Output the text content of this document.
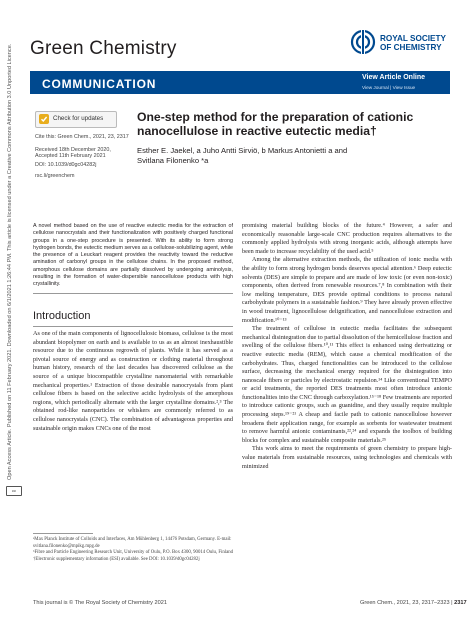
Green Chemistry	ROYAL SOCIETY
OF CHEMISTRY
COMMUNICATION	View Article Online
View Journal | View Issue
Open Access Article. Published on 11 February 2021. Downloaded on 6/1/2021 1:26:44 PM. This article is licensed under a Creative Commons Attribution 3.0 Unported Licence.
cc
Check for updates
Cite this: Green Chem., 2021, 23, 2317
Received 18th December 2020,
Accepted 11th February 2021
DOI: 10.1039/d0gc04282j
rsc.li/greenchem
One-step method for the preparation of cationic nanocellulose in reactive eutectic media†
Esther E. Jaekel, a Juho Antti Sirviö, b Markus Antonietti a and
Svitlana Filonenko *a
A novel method based on the use of reactive eutectic media for the extraction of cellulose nanocrystals and their functionalization with positively charged functional groups in a one-step procedure is presented. With its ability to form strong hydrogen bonds, the eutectic medium serves as a cellulose-solubilizing agent, while the presence of a Leuckart reagent provides the reactivity toward the reductive amination of carbonyl groups in the cellulose chains. In the proposed method, amorphous cellulose domains are partially dissolved by undergoing aminolysis, resulting in the formation of water-dispersible nanocellulose products with high crystallinity.
Introduction

As one of the main components of lignocellulosic biomass, cellulose is the most abundant biopolymer on earth and is available to us as an almost inexhaustible resource due to the continuous regrowth of plants. While it has served as a pivotal source of energy and as construction or clothing material throughout human history, research of the last decades has discovered cellulose as the source of a unique biocompatible crystalline nanomaterial with remarkable mechanical properties.¹ Extraction of those desirable nanocrystals from plant cellulose fibers is based on the selective acidic hydrolysis of the amorphous regions, which periodically alternate with the larger crystalline domains.²,³ The obtained rod-like nanoparticles or whiskers are commonly referred to as cellulose nanocrystals (CNC). The combination of advantageous properties and sustainable origin makes CNCs one of the most

promising material building blocks of the future.⁴ However, a safer and economically reasonable large-scale CNC production requires alternatives to the commonly applied hydrolysis with strong inorganic acids, although attempts have been made to increase recyclability of the used acid.⁵

Among the alternative extraction methods, the utilization of ionic media with the ability to form strong hydrogen bonds deserves special attention.⁶ Deep eutectic solvents (DES) are simple to prepare and are made of low toxic (or even non-toxic) components, often derived from renewable resources.⁷,⁸ In combination with their low melting temperature, DES provide optimal conditions to process natural carbohydrate polymers in a sustainable fashion.⁹ They have already proven effective in wood treatment, lignocellulose delignification, and nanocellulose extraction and modification.¹⁰⁻¹³

The treatment of cellulose in eutectic media facilitates the subsequent mechanical disintegration due to partial dissolution of the hemicellulose fraction and swelling of the cellulose fibers.¹⁰,¹¹ This effect is enhanced using derivatizing or reactive eutectic media (REM), which cause a chemical modification of the carbohydrates. Thus, charged functionalities can be introduced to the cellulose surface, decreasing the mechanical energy required for the disintegration into nanoscale fibers or particles by electrostatic repulsion.¹⁴ Like conventional TEMPO or acid treatments, the reported DES treatments most often introduce anionic functionalities into the CNC through carboxylation.¹⁵⁻¹⁸ Few treatments are reported to introduce cationic groups, such as guanidine, and they usually require multiple processing steps.¹⁹⁻²¹ A cheap and facile path to cationic nanocellulose however broadens their application range, for example as sorbents for wastewater treatment to remove harmful anionic contaminants,²²,²⁴ and expands the toolbox of building blocks for complex and sustainable composite materials.²⁵

This work aims to meet the requirements of green chemistry to prepare high-value materials from sustainable resources, using technologies and chemicals with minimized

ᵃMax Planck Institute of Colloids and Interfaces, Am Mühlenberg 1, 14476 Potsdam, Germany. E-mail: svitlana.filonenko@mpikg.mpg.de
ᵇFibre and Particle Engineering Research Unit, University of Oulu, P.O. Box 4300, 90014 Oulu, Finland
†Electronic supplementary information (ESI) available. See DOI: 10.1039/d0gc04282j
This journal is © The Royal Society of Chemistry 2021	Green Chem., 2021, 23, 2317–2323 | 2317
